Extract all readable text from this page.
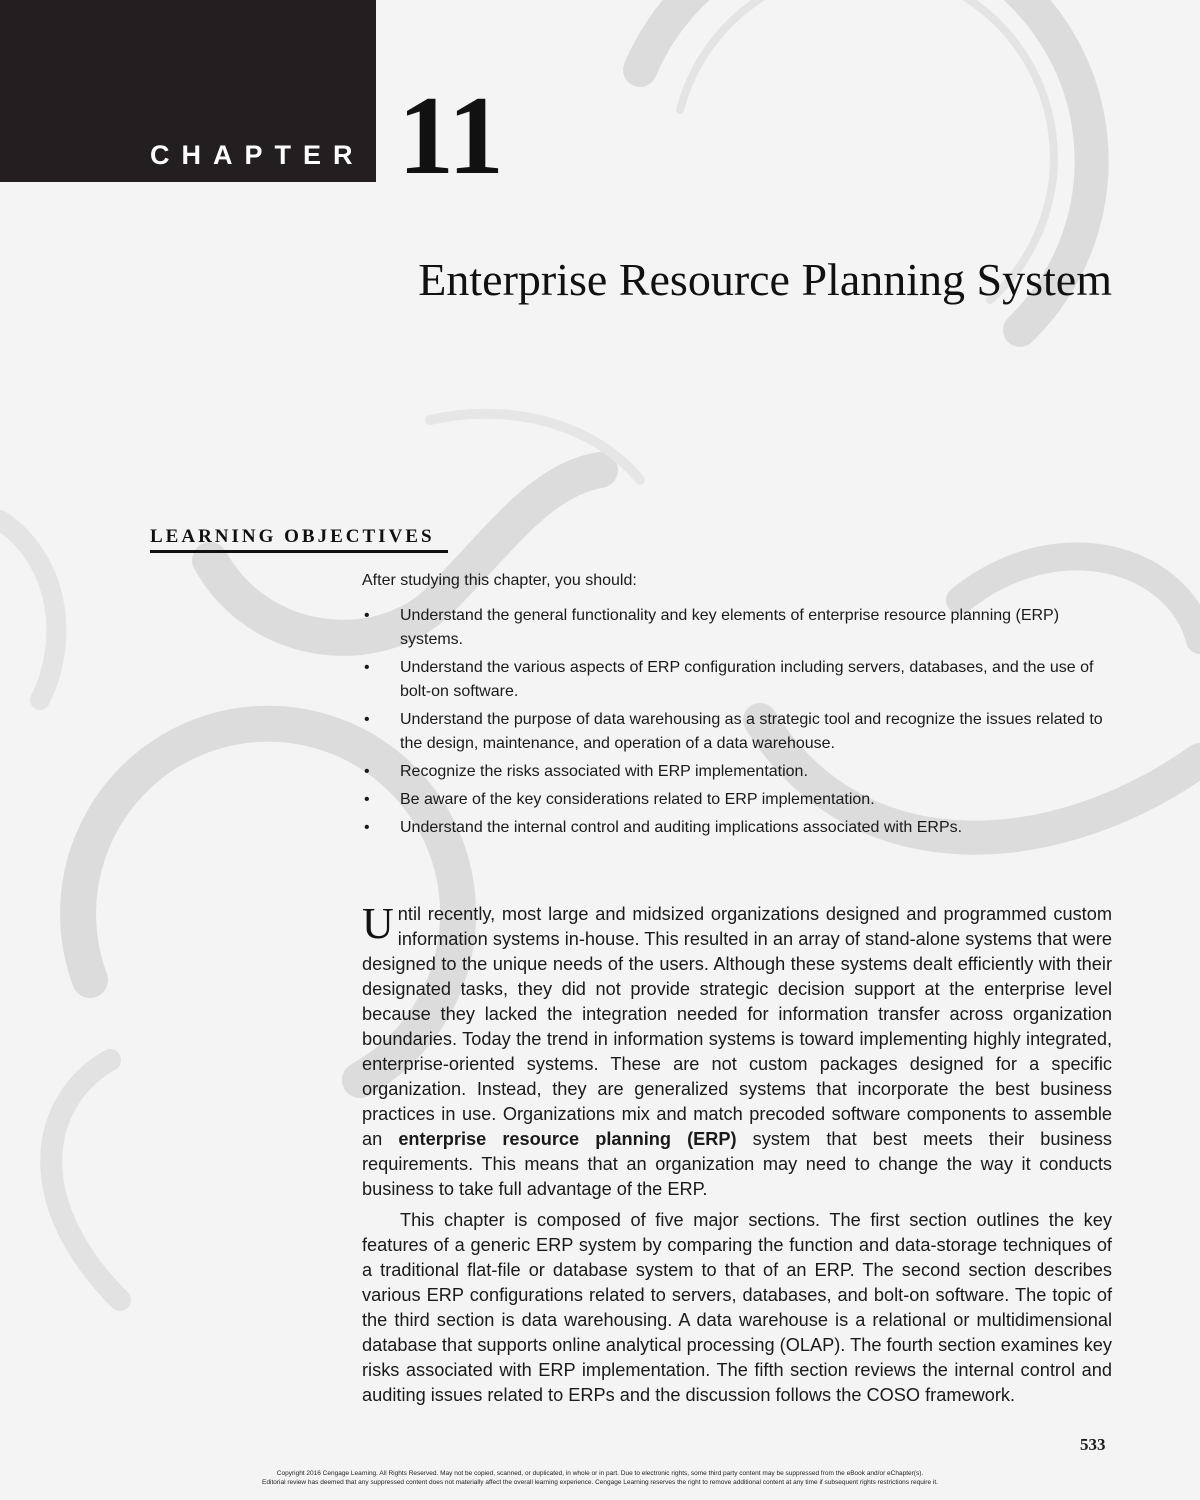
CHAPTER 11
Enterprise Resource Planning System
LEARNING OBJECTIVES
After studying this chapter, you should:
• Understand the general functionality and key elements of enterprise resource planning (ERP) systems.
• Understand the various aspects of ERP configuration including servers, databases, and the use of bolt-on software.
• Understand the purpose of data warehousing as a strategic tool and recognize the issues related to the design, maintenance, and operation of a data warehouse.
• Recognize the risks associated with ERP implementation.
• Be aware of the key considerations related to ERP implementation.
• Understand the internal control and auditing implications associated with ERPs.

Until recently, most large and midsized organizations designed and programmed custom information systems in-house. This resulted in an array of stand-alone systems that were designed to the unique needs of the users. Although these systems dealt efficiently with their designated tasks, they did not provide strategic decision support at the enterprise level because they lacked the integration needed for information transfer across organization boundaries. Today the trend in information systems is toward implementing highly integrated, enterprise-oriented systems. These are not custom packages designed for a specific organization. Instead, they are generalized systems that incorporate the best business practices in use. Organizations mix and match precoded software components to assemble an enterprise resource planning (ERP) system that best meets their business requirements. This means that an organization may need to change the way it conducts business to take full advantage of the ERP.

This chapter is composed of five major sections. The first section outlines the key features of a generic ERP system by comparing the function and data-storage techniques of a traditional flat-file or database system to that of an ERP. The second section describes various ERP configurations related to servers, databases, and bolt-on software. The topic of the third section is data warehousing. A data warehouse is a relational or multidimensional database that supports online analytical processing (OLAP). The fourth section examines key risks associated with ERP implementation. The fifth section reviews the internal control and auditing issues related to ERPs and the discussion follows the COSO framework.

533
Copyright 2016 Cengage Learning. All Rights Reserved. May not be copied, scanned, or duplicated, in whole or in part. Due to electronic rights, some third party content may be suppressed from the eBook and/or eChapter(s).
Editorial review has deemed that any suppressed content does not materially affect the overall learning experience. Cengage Learning reserves the right to remove additional content at any time if subsequent rights restrictions require it.
